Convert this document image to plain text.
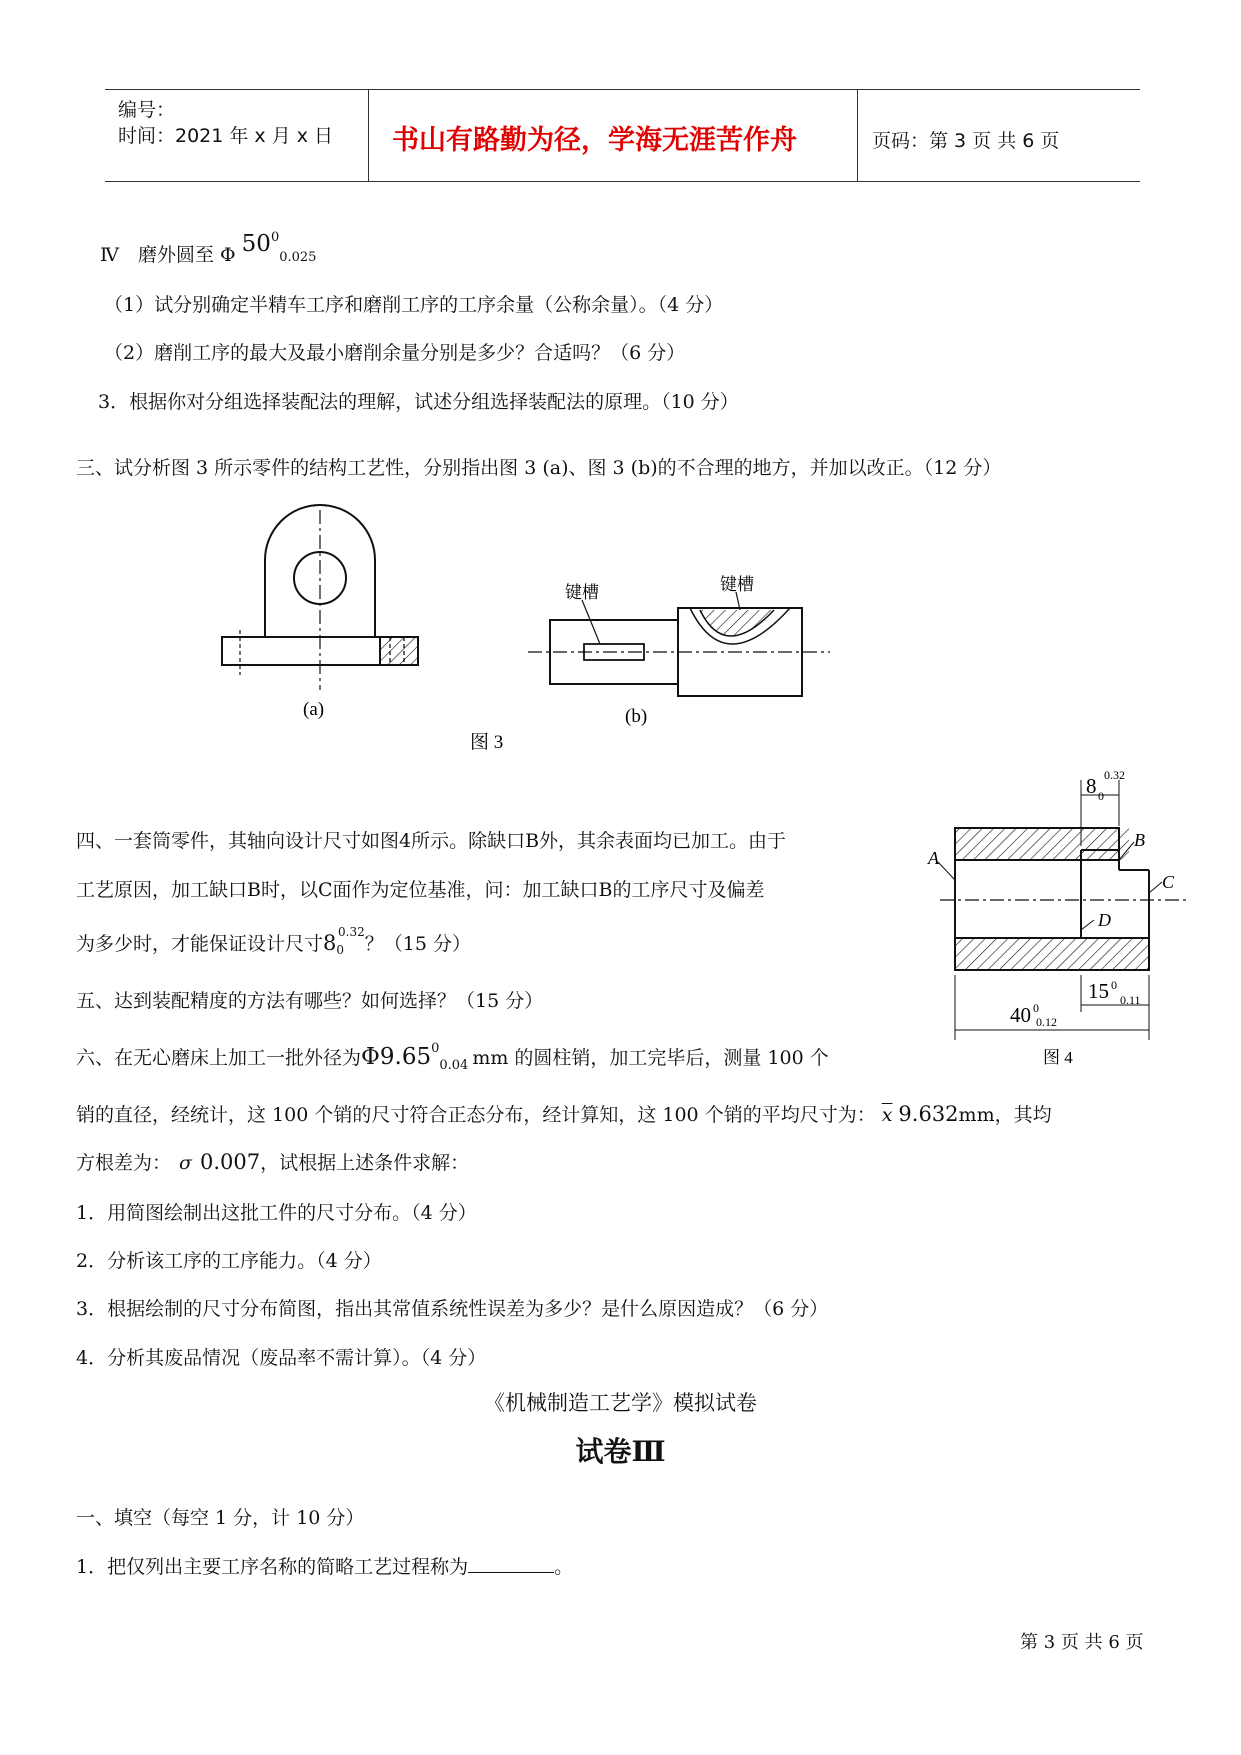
编号：
时间：2021 年 x 月 x 日 书山有路勤为径，学海无涯苦作舟	页码：第 3 页 共 6 页
Ⅳ　磨外圆至 Φ $50^00.025$
（1）试分别确定半精车工序和磨削工序的工序余量（公称余量）。（4 分）
（2）磨削工序的最大及最小磨削余量分别是多少？合适吗？（6 分）
3．根据你对分组选择装配法的理解，试述分组选择装配法的原理。（10 分）
三、试分析图 3 所示零件的结构工艺性，分别指出图 3 (a)、图 3 (b)的不合理的地方，并加以改正。（12 分）
(a)
键槽	键槽
(b)
图 3
A
B
C
D
8 0
0.32
40 0
0.12
15 0
0.11
图 4
四、一套筒零件，其轴向设计尺寸如图4所示。除缺口B外，其余表面均已加工。由于
工艺原因，加工缺口B时，以C面作为定位基准，问：加工缺口B的工序尺寸及偏差
为多少时，才能保证设计尺寸$8_0^{0.32}$？（15 分）
五、达到装配精度的方法有哪些？如何选择？（15 分）
六、在无心磨床上加工一批外径为$\Phi 9.65^0_{0.04}$ mm 的圆柱销，加工完毕后，测量 100 个
销的直径，经统计，这 100 个销的尺寸符合正态分布，经计算知，这 100 个销的平均尺寸为： $\overline{x}$ 9.632mm，其均
方根差为： σ 0.007，试根据上述条件求解：
1．用简图绘制出这批工件的尺寸分布。（4 分）
2．分析该工序的工序能力。（4 分）
3．根据绘制的尺寸分布简图，指出其常值系统性误差为多少？是什么原因造成？（6 分）
4．分析其废品情况（废品率不需计算）。（4 分）
《机械制造工艺学》模拟试卷
试卷Ⅲ
一、填空（每空 1 分，计 10 分）
1．把仅列出主要工序名称的简略工艺过程称为	。
第 3 页 共 6 页
